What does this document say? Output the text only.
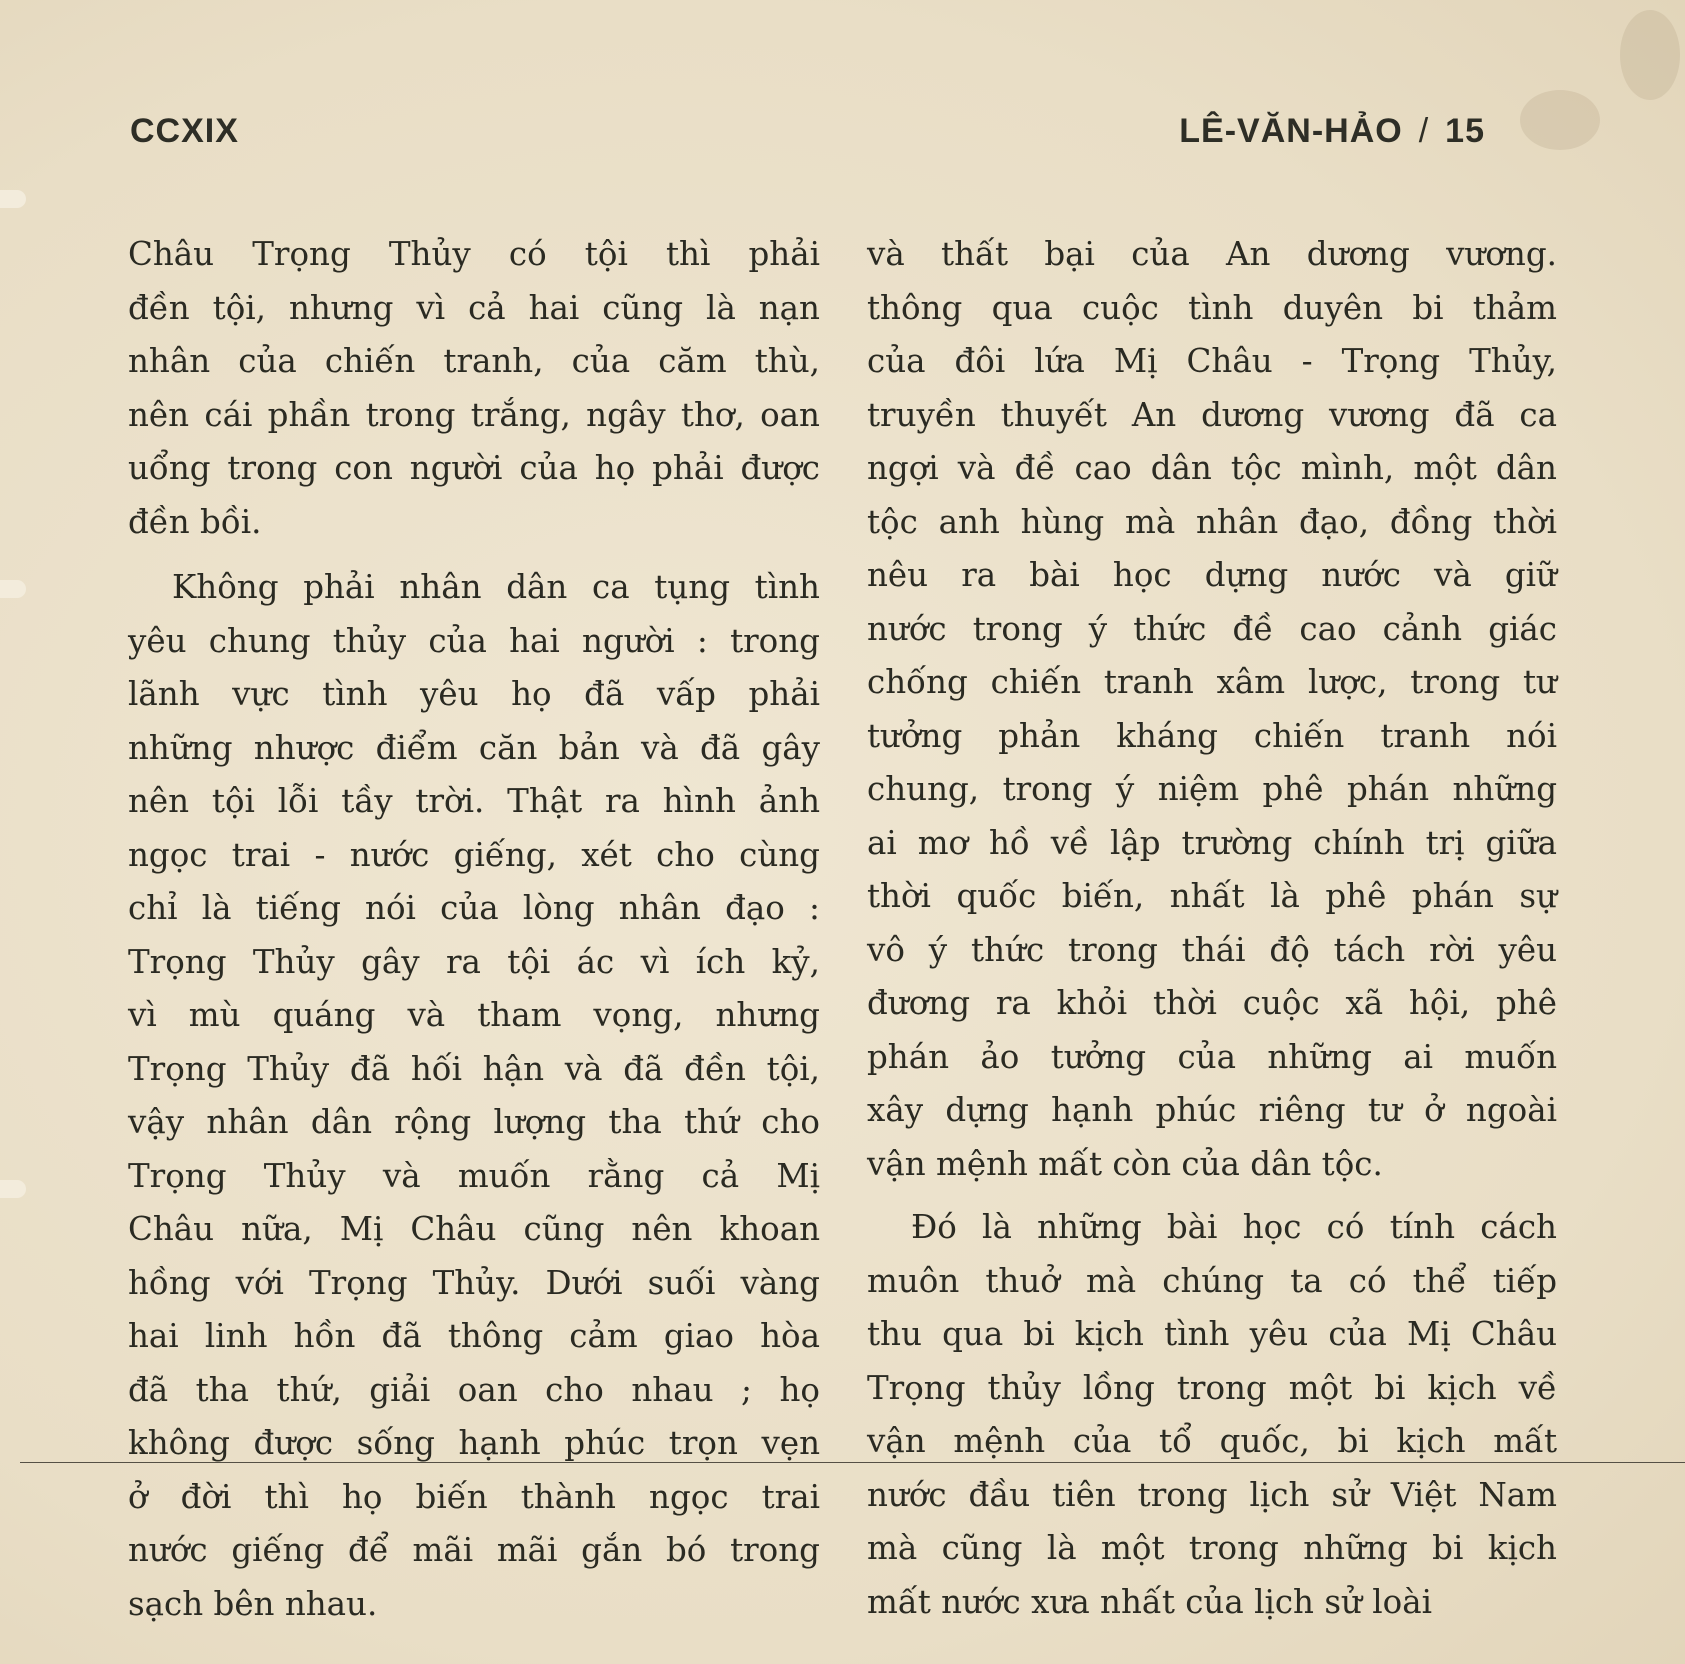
CCXIX	LÊ-VĂN-HẢO / 15

Châu Trọng Thủy có tội thì phải
đền tội, nhưng vì cả hai cũng là nạn
nhân của chiến tranh, của căm thù,
nên cái phần trong trắng, ngây thơ, oan
uổng trong con người của họ phải được
đền bồi.

Không phải nhân dân ca tụng tình
yêu chung thủy của hai người : trong
lãnh vực tình yêu họ đã vấp phải
những nhược điểm căn bản và đã gây
nên tội lỗi tầy trời. Thật ra hình ảnh
ngọc trai - nước giếng, xét cho cùng
chỉ là tiếng nói của lòng nhân đạo :
Trọng Thủy gây ra tội ác vì ích kỷ,
vì mù quáng và tham vọng, nhưng
Trọng Thủy đã hối hận và đã đền tội,
vậy nhân dân rộng lượng tha thứ cho
Trọng Thủy và muốn rằng cả Mị
Châu nữa, Mị Châu cũng nên khoan
hồng với Trọng Thủy. Dưới suối vàng
hai linh hồn đã thông cảm giao hòa
đã tha thứ, giải oan cho nhau ; họ
không được sống hạnh phúc trọn vẹn
ở đời thì họ biến thành ngọc trai
nước giếng để mãi mãi gắn bó trong
sạch bên nhau.

và thất bại của An dương vương.
thông qua cuộc tình duyên bi thảm
của đôi lứa Mị Châu - Trọng Thủy,
truyền thuyết An dương vương đã ca
ngợi và đề cao dân tộc mình, một dân
tộc anh hùng mà nhân đạo, đồng thời
nêu ra bài học dựng nước và giữ
nước trong ý thức đề cao cảnh giác
chống chiến tranh xâm lược, trong tư
tưởng phản kháng chiến tranh nói
chung, trong ý niệm phê phán những
ai mơ hồ về lập trường chính trị giữa
thời quốc biến, nhất là phê phán sự
vô ý thức trong thái độ tách rời yêu
đương ra khỏi thời cuộc xã hội, phê
phán ảo tưởng của những ai muốn
xây dựng hạnh phúc riêng tư ở ngoài
vận mệnh mất còn của dân tộc.

Đó là những bài học có tính cách
muôn thuở mà chúng ta có thể tiếp
thu qua bi kịch tình yêu của Mị Châu
Trọng thủy lồng trong một bi kịch về
vận mệnh của tổ quốc, bi kịch mất
nước đầu tiên trong lịch sử Việt Nam
mà cũng là một trong những bi kịch
mất nước xưa nhất của lịch sử loài
